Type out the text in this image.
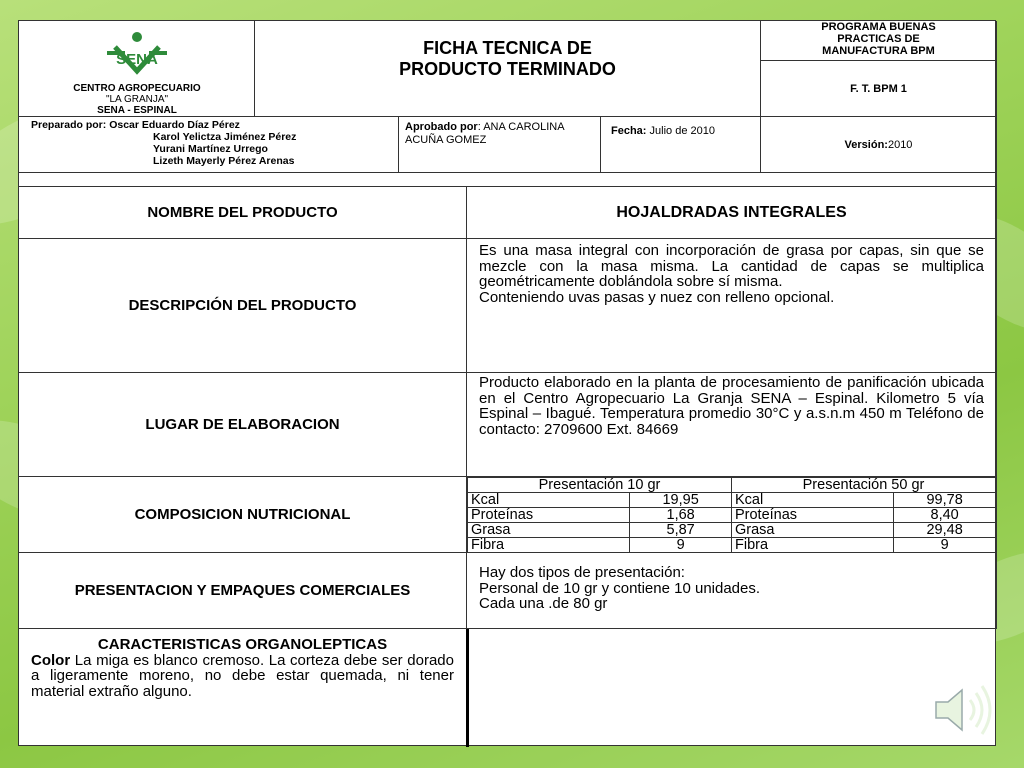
SENA
CENTRO AGROPECUARIO
"LA GRANJA"
SENA - ESPINAL
FICHA TECNICA DE
PRODUCTO TERMINADO
PROGRAMA BUENAS
PRACTICAS DE
MANUFACTURA BPM
F. T. BPM 1
Preparado por: Oscar Eduardo Díaz Pérez
Karol Yelictza Jiménez Pérez
Yurani Martínez Urrego
Lizeth Mayerly Pérez Arenas
Aprobado por: ANA CAROLINA ACUÑA GOMEZ
Fecha: Julio de 2010
Versión: 2010
NOMBRE DEL PRODUCTO	HOJALDRADAS INTEGRALES
DESCRIPCIÓN DEL PRODUCTO
Es una masa integral con incorporación de grasa por capas, sin que se mezcle con la masa misma. La cantidad de capas se multiplica geométricamente doblándola sobre sí misma.
Conteniendo uvas pasas y nuez con relleno opcional.
LUGAR DE ELABORACION
Producto elaborado en la planta de procesamiento de panificación ubicada en el Centro Agropecuario La Granja SENA – Espinal. Kilometro 5 vía Espinal – Ibagué. Temperatura promedio 30°C y a.s.n.m 450 m Teléfono de contacto: 2709600 Ext. 84669
COMPOSICION NUTRICIONAL
Presentación 10 gr		Presentación 50 gr	
Kcal	19,95	Kcal	99,78
Proteínas	1,68	Proteínas	8,40
Grasa	5,87	Grasa	29,48
Fibra	9	Fibra	9
PRESENTACION Y EMPAQUES COMERCIALES
Hay dos tipos de presentación:
Personal de 10 gr y contiene 10 unidades.
Cada una .de 80 gr
CARACTERISTICAS ORGANOLEPTICAS
Color La miga es blanco cremoso. La corteza debe ser dorado a ligeramente moreno, no debe estar quemada, ni tener material extraño alguno.
